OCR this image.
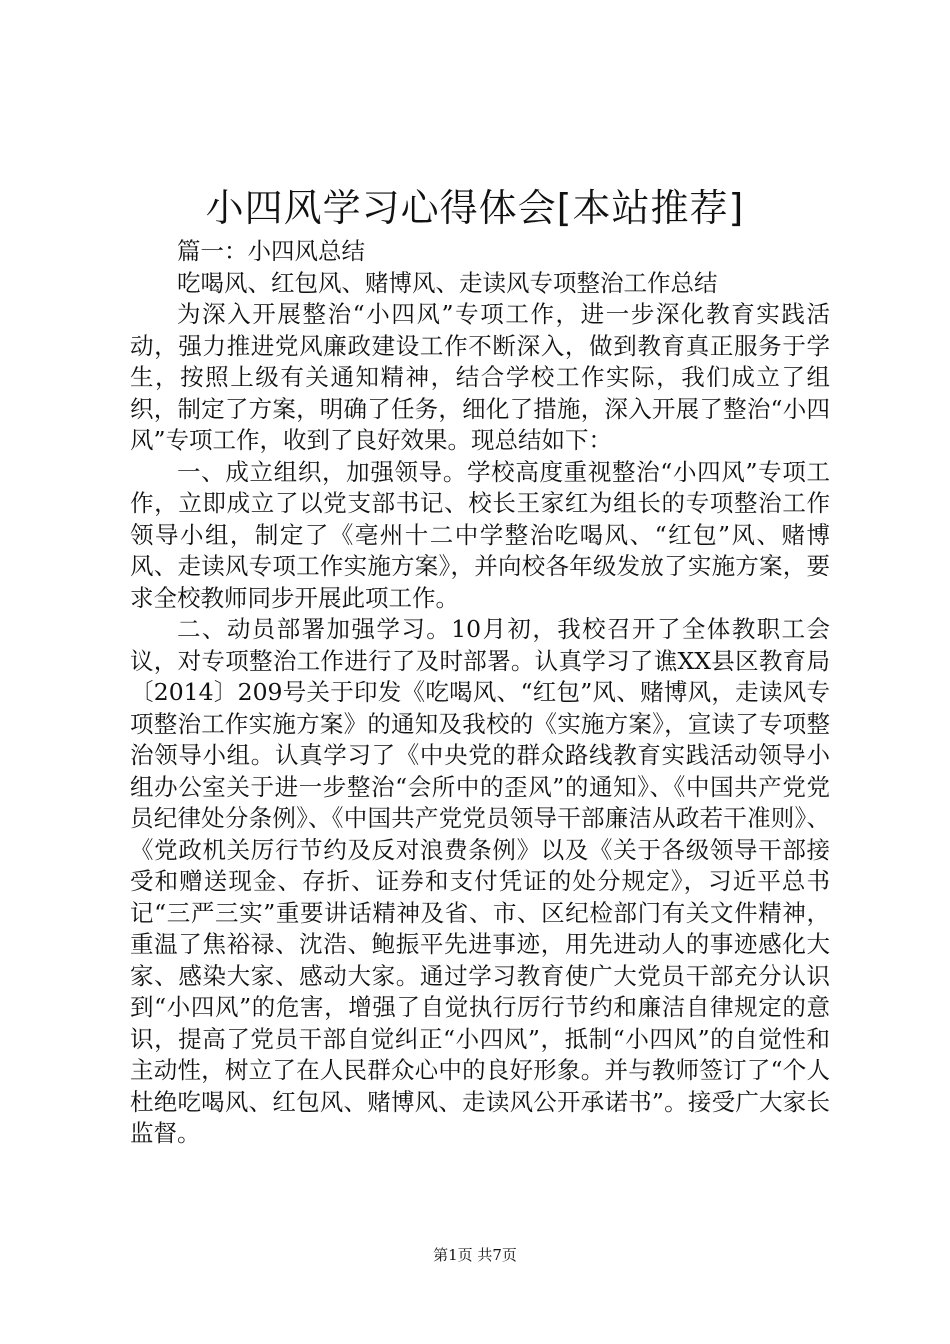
小四风学习心得体会[本站推荐]

篇一：小四风总结

吃喝风、红包风、赌博风、走读风专项整治工作总结

为深入开展整治“小四风”专项工作，进一步深化教育实践活动，强力推进党风廉政建设工作不断深入，做到教育真正服务于学生，按照上级有关通知精神，结合学校工作实际，我们成立了组织，制定了方案，明确了任务，细化了措施，深入开展了整治“小四风”专项工作，收到了良好效果。现总结如下：

一、成立组织，加强领导。学校高度重视整治“小四风”专项工作，立即成立了以党支部书记、校长王家红为组长的专项整治工作领导小组，制定了《亳州十二中学整治吃喝风、“红包”风、赌博风、走读风专项工作实施方案》，并向校各年级发放了实施方案，要求全校教师同步开展此项工作。

二、动员部署加强学习。10月初，我校召开了全体教职工会议，对专项整治工作进行了及时部署。认真学习了谯XX县区教育局〔2014〕209号关于印发《吃喝风、“红包”风、赌博风，走读风专项整治工作实施方案》的通知及我校的《实施方案》，宣读了专项整治领导小组。认真学习了《中央党的群众路线教育实践活动领导小组办公室关于进一步整治“会所中的歪风”的通知》、《中国共产党党员纪律处分条例》、《中国共产党党员领导干部廉洁从政若干准则》、《党政机关厉行节约及反对浪费条例》以及《关于各级领导干部接受和赠送现金、存折、证券和支付凭证的处分规定》，习近平总书记“三严三实”重要讲话精神及省、市、区纪检部门有关文件精神，重温了焦裕禄、沈浩、鲍振平先进事迹，用先进动人的事迹感化大家、感染大家、感动大家。通过学习教育使广大党员干部充分认识到“小四风”的危害，增强了自觉执行厉行节约和廉洁自律规定的意识，提高了党员干部自觉纠正“小四风”，抵制“小四风”的自觉性和主动性，树立了在人民群众心中的良好形象。并与教师签订了“个人杜绝吃喝风、红包风、赌博风、走读风公开承诺书”。接受广大家长监督。

第1页 共7页
